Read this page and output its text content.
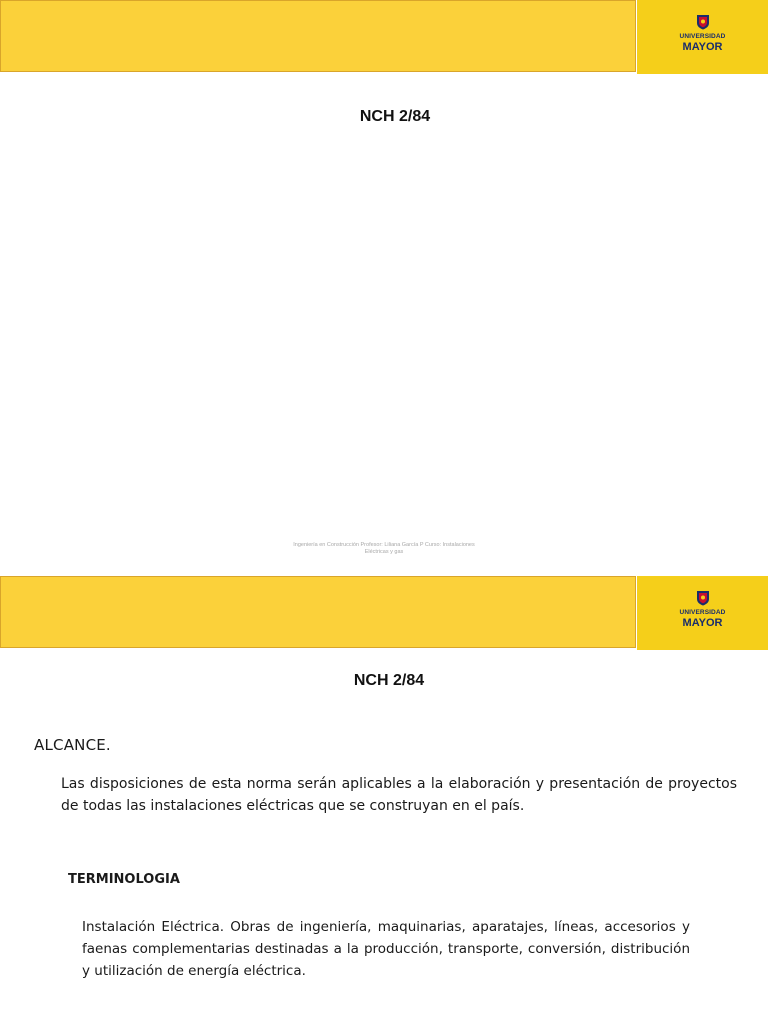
UNIVERSIDAD
MAYOR
NCH 2/84
Ingeniería en Construcción Profesor: Liliana García P Curso: Instalaciones
Eléctricas y gas
UNIVERSIDAD
MAYOR
NCH 2/84
ALCANCE.
Las disposiciones de esta norma serán aplicables a la elaboración y presentación de proyectos de todas las instalaciones eléctricas que se construyan en el país.
TERMINOLOGIA
Instalación Eléctrica. Obras de ingeniería, maquinarias, aparatajes, líneas, accesorios y faenas complementarias destinadas a la producción, transporte, conversión, distribución y utilización de energía eléctrica.
